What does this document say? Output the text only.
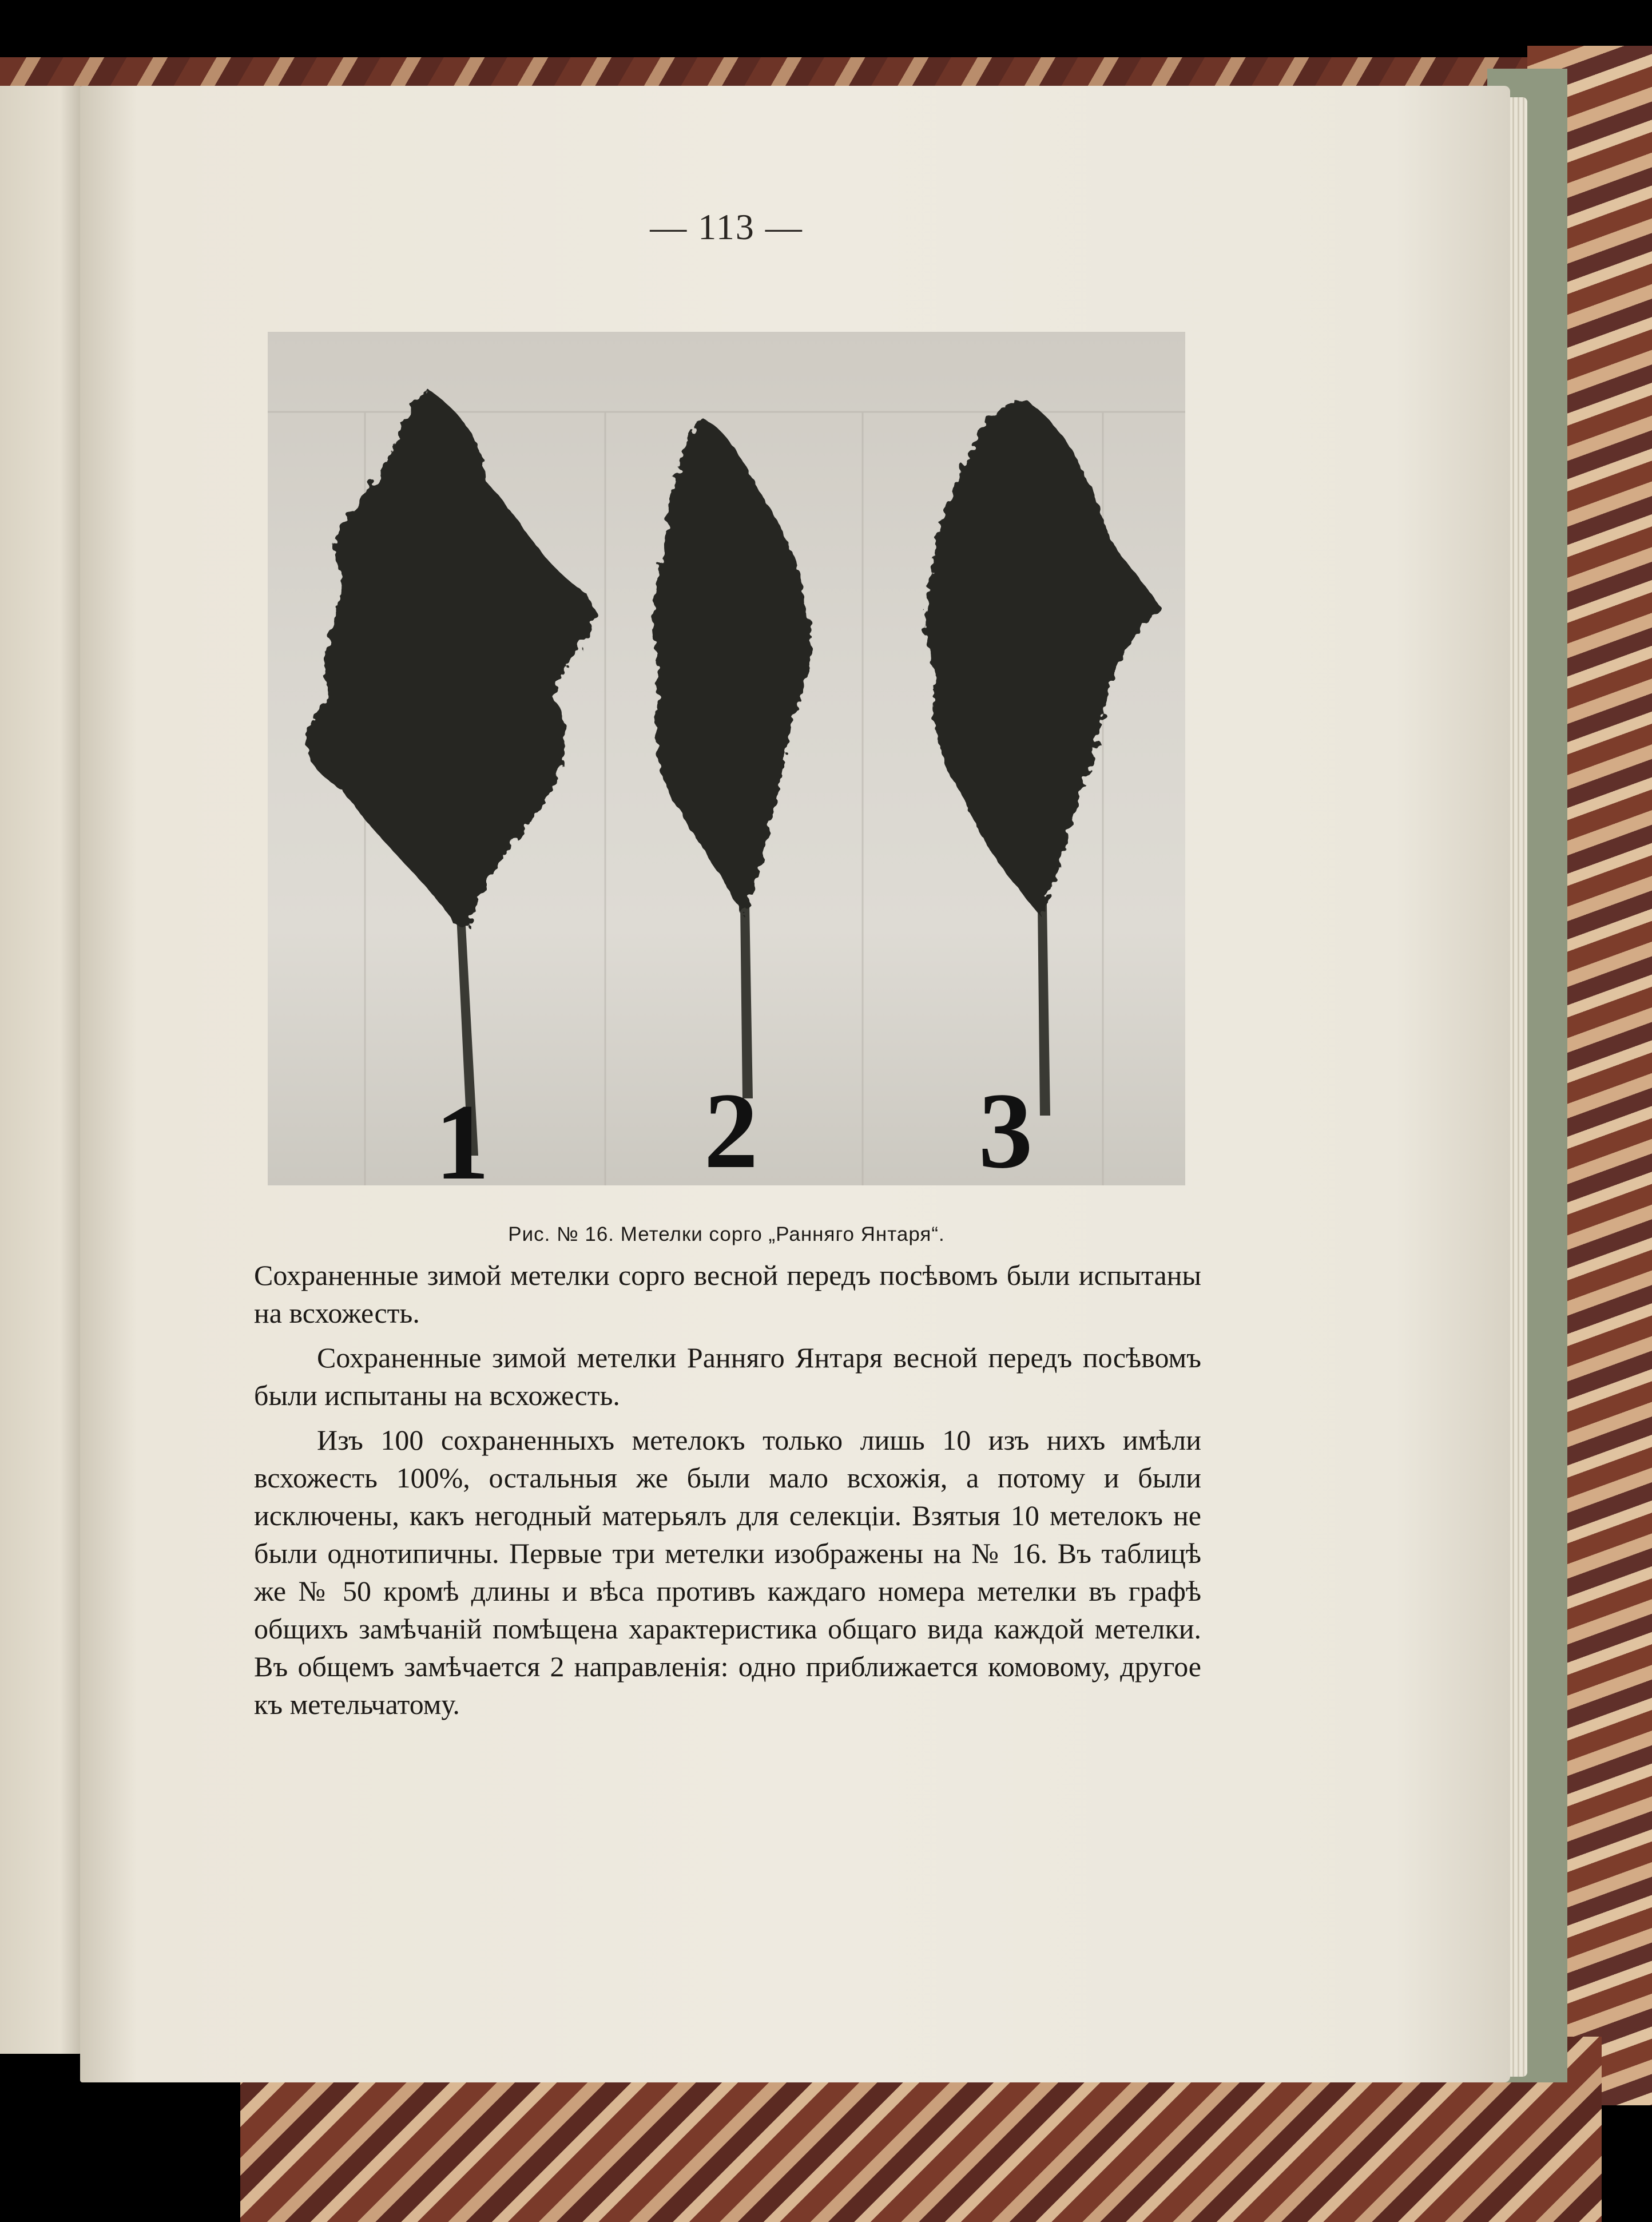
— 113 —
1 2 3
Рис. № 16. Метелки сорго „Ранняго Янтаря“.

Сохраненные зимой метелки сорго весной передъ посѣвомъ были испытаны на всхожесть.

Сохраненные зимой метелки Ранняго Янтаря весной передъ посѣвомъ были испытаны на всхожесть.

Изъ 100 сохраненныхъ метелокъ только лишь 10 изъ нихъ имѣли всхожесть 100%, остальныя же были мало всхожія, а потому и были исключены, какъ негодный матерьялъ для селекціи. Взятыя 10 метелокъ не были однотипичны. Первые три метелки изображены на № 16. Въ таблицѣ же № 50 кромѣ длины и вѣса противъ каждаго номера метелки въ графѣ общихъ замѣчаній помѣщена характеристика общаго вида каждой метелки. Въ общемъ замѣчается 2 направленія: одно приближается комовому, другое къ метельчатому.
